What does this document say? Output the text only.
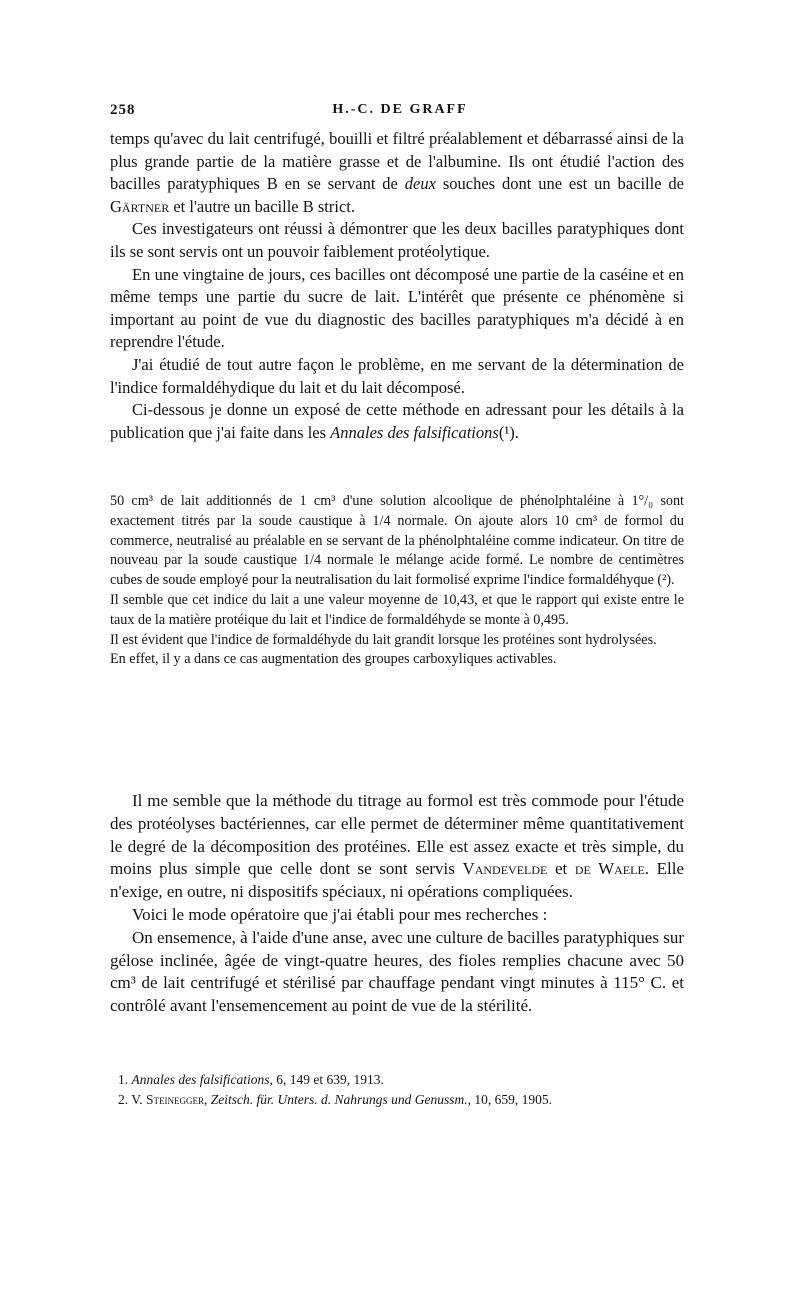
258	H.-C. DE GRAFF

temps qu'avec du lait centrifugé, bouilli et filtré préalablement et débarrassé ainsi de la plus grande partie de la matière grasse et de l'albumine. Ils ont étudié l'action des bacilles paratyphiques B en se servant de deux souches dont une est un bacille de Gärtner et l'autre un bacille B strict.

Ces investigateurs ont réussi à démontrer que les deux bacilles paratyphiques dont ils se sont servis ont un pouvoir faiblement protéolytique.

En une vingtaine de jours, ces bacilles ont décomposé une partie de la caséine et en même temps une partie du sucre de lait. L'intérêt que présente ce phénomène si important au point de vue du diagnostic des bacilles paratyphiques m'a décidé à en reprendre l'étude.

J'ai étudié de tout autre façon le problème, en me servant de la détermination de l'indice formaldéhydique du lait et du lait décomposé.

Ci-dessous je donne un exposé de cette méthode en adressant pour les détails à la publication que j'ai faite dans les Annales des falsifications(¹).

50 cm³ de lait additionnés de 1 cm³ d'une solution alcoolique de phénolphtaléine à 1°/₀ sont exactement titrés par la soude caustique à 1/4 normale. On ajoute alors 10 cm³ de formol du commerce, neutralisé au préalable en se servant de la phénolphtaléine comme indicateur. On titre de nouveau par la soude caustique 1/4 normale le mélange acide formé. Le nombre de centimètres cubes de soude employé pour la neutralisation du lait formolisé exprime l'indice formaldéhyque (²).

Il semble que cet indice du lait a une valeur moyenne de 10,43, et que le rapport qui existe entre le taux de la matière protéique du lait et l'indice de formaldéhyde se monte à 0,495.

Il est évident que l'indice de formaldéhyde du lait grandit lorsque les protéines sont hydrolysées.

En effet, il y a dans ce cas augmentation des groupes carboxyliques activables.

Il me semble que la méthode du titrage au formol est très commode pour l'étude des protéolyses bactériennes, car elle permet de déterminer même quantitativement le degré de la décomposition des protéines. Elle est assez exacte et très simple, du moins plus simple que celle dont se sont servis Vandevelde et de Waele. Elle n'exige, en outre, ni dispositifs spéciaux, ni opérations compliquées.

Voici le mode opératoire que j'ai établi pour mes recherches :

On ensemence, à l'aide d'une anse, avec une culture de bacilles paratyphiques sur gélose inclinée, âgée de vingt-quatre heures, des fioles remplies chacune avec 50 cm³ de lait centrifugé et stérilisé par chauffage pendant vingt minutes à 115° C. et contrôlé avant l'ensemencement au point de vue de la stérilité.

1. Annales des falsifications, 6, 149 et 639, 1913.
2. V. Steinegger, Zeitsch. für. Unters. d. Nahrungs und Genussm., 10, 659, 1905.
